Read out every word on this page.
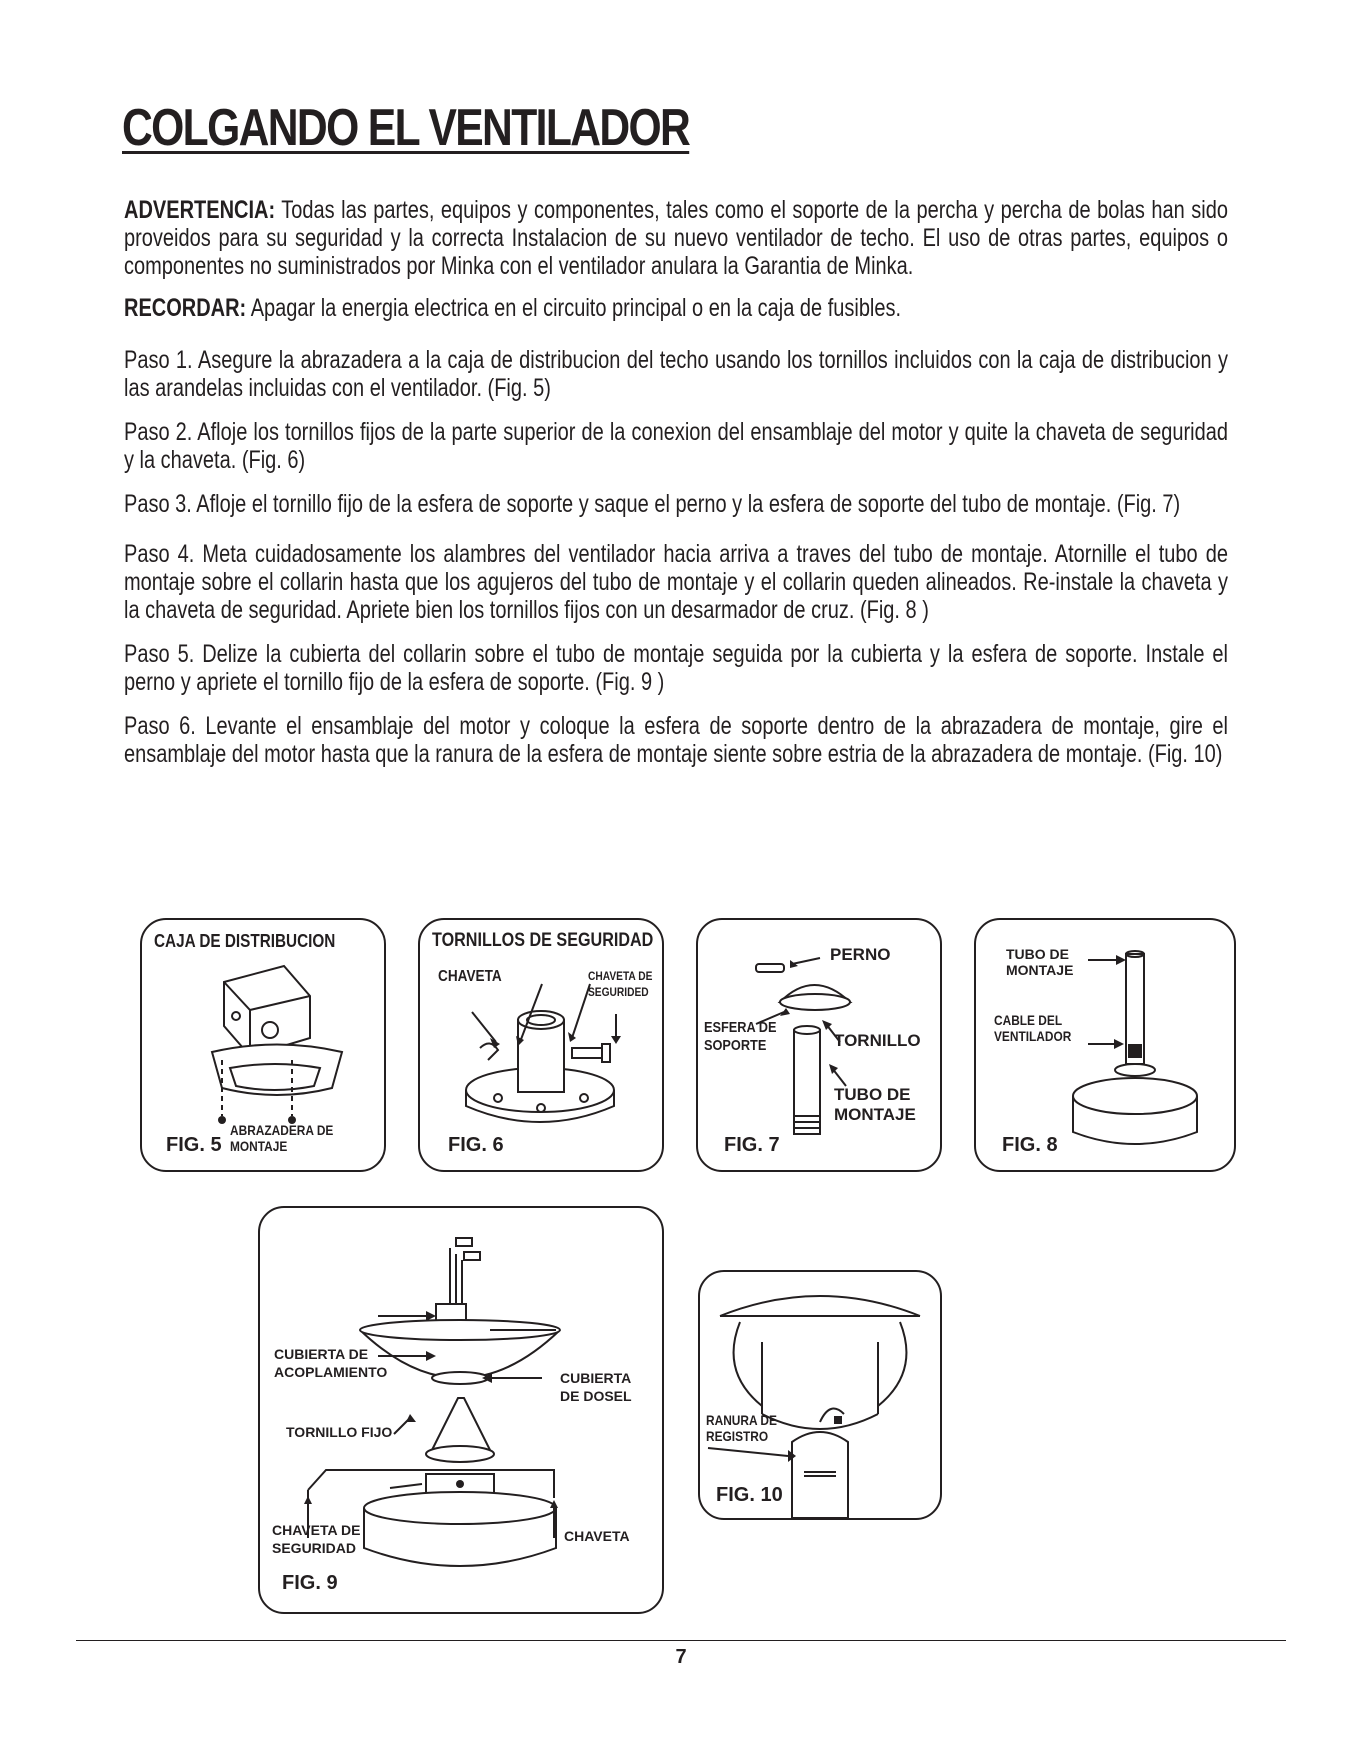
COLGANDO EL VENTILADOR

ADVERTENCIA: Todas las partes, equipos y componentes, tales como el soporte de la percha y percha de bolas han sido proveidos para su seguridad y la correcta Instalacion de su nuevo ventilador de techo. El uso de otras partes, equipos o componentes no suministrados por Minka con el ventilador anulara la Garantia de Minka.

RECORDAR: Apagar la energia electrica en el circuito principal o en la caja de fusibles.

Paso 1. Asegure la abrazadera a la caja de distribucion del techo usando los tornillos incluidos con la caja de distribucion y las arandelas incluidas con el ventilador. (Fig. 5)

Paso 2. Afloje los tornillos fijos de la parte superior de la conexion del ensamblaje del motor y quite la chaveta de seguridad y la chaveta. (Fig. 6)

Paso 3. Afloje el tornillo fijo de la esfera de soporte y saque el perno y la esfera de soporte del tubo de montaje. (Fig. 7)

Paso 4. Meta cuidadosamente los alambres del ventilador hacia arriva a traves del tubo de montaje. Atornille el tubo de montaje sobre el collarin hasta que los agujeros del tubo de montaje y el collarin queden alineados. Re-instale la chaveta y la chaveta de seguridad. Apriete bien los tornillos fijos con un desarmador de cruz. (Fig. 8 )

Paso 5. Delize la cubierta del collarin sobre el tubo de montaje seguida por la cubierta y la esfera de soporte. Instale el perno y apriete el tornillo fijo de la esfera de soporte. (Fig. 9 )

Paso 6. Levante el ensamblaje del motor y coloque la esfera de soporte dentro de la abrazadera de montaje, gire el ensamblaje del motor hasta que la ranura de la esfera de montaje siente sobre estria de la abrazadera de montaje. (Fig. 10)

CAJA DE DISTRIBUCION
ABRAZADERA DE
MONTAJE
FIG. 5
TORNILLOS DE SEGURIDAD
CHAVETA	CHAVETA DE
SEGURIDED
FIG. 6
PERNO
ESFERA DE
SOPORTE	TORNILLO
TUBO DE
MONTAJE
FIG. 7
TUBO DE
MONTAJE
CABLE DEL
VENTILADOR
FIG. 8
CUBIERTA DE
ACOPLAMIENTO	CUBIERTA
DE DOSEL
TORNILLO FIJO
CHAVETA DE
SEGURIDAD
CHAVETA
FIG. 9
RANURA DE
REGISTRO
FIG. 10
7
